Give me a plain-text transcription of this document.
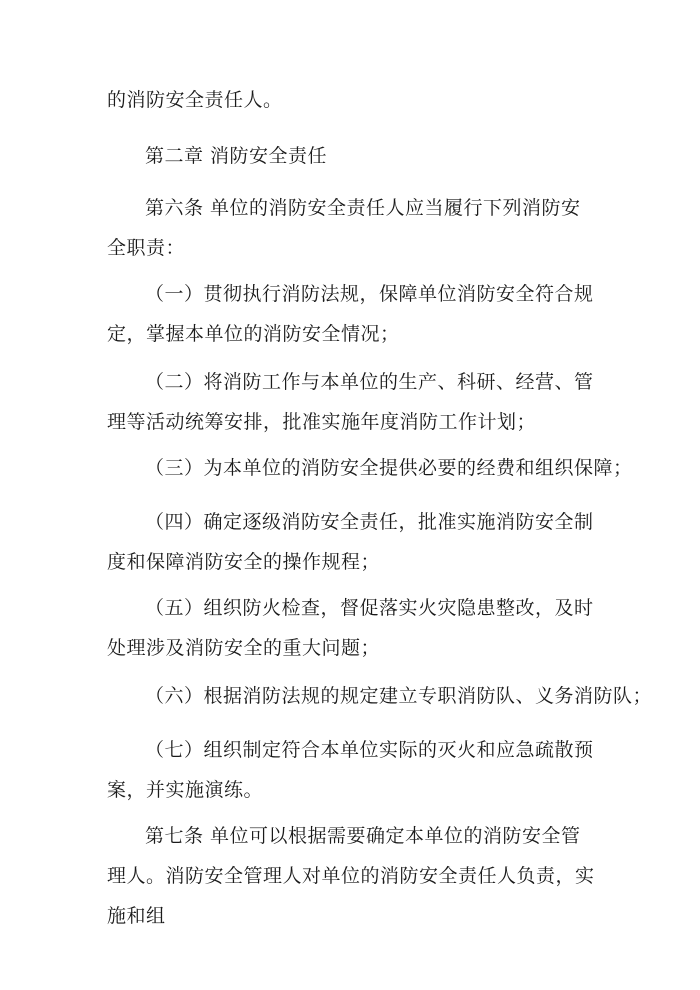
的消防安全责任人。

第二章 消防安全责任

第六条 单位的消防安全责任人应当履行下列消防安全职责：

（一）贯彻执行消防法规，保障单位消防安全符合规定，掌握本单位的消防安全情况；

（二）将消防工作与本单位的生产、科研、经营、管理等活动统筹安排，批准实施年度消防工作计划；

（三）为本单位的消防安全提供必要的经费和组织保障；

（四）确定逐级消防安全责任，批准实施消防安全制度和保障消防安全的操作规程；

（五）组织防火检查，督促落实火灾隐患整改，及时处理涉及消防安全的重大问题；

（六）根据消防法规的规定建立专职消防队、义务消防队；

（七）组织制定符合本单位实际的灭火和应急疏散预案，并实施演练。

第七条 单位可以根据需要确定本单位的消防安全管理人。消防安全管理人对单位的消防安全责任人负责，实施和组
